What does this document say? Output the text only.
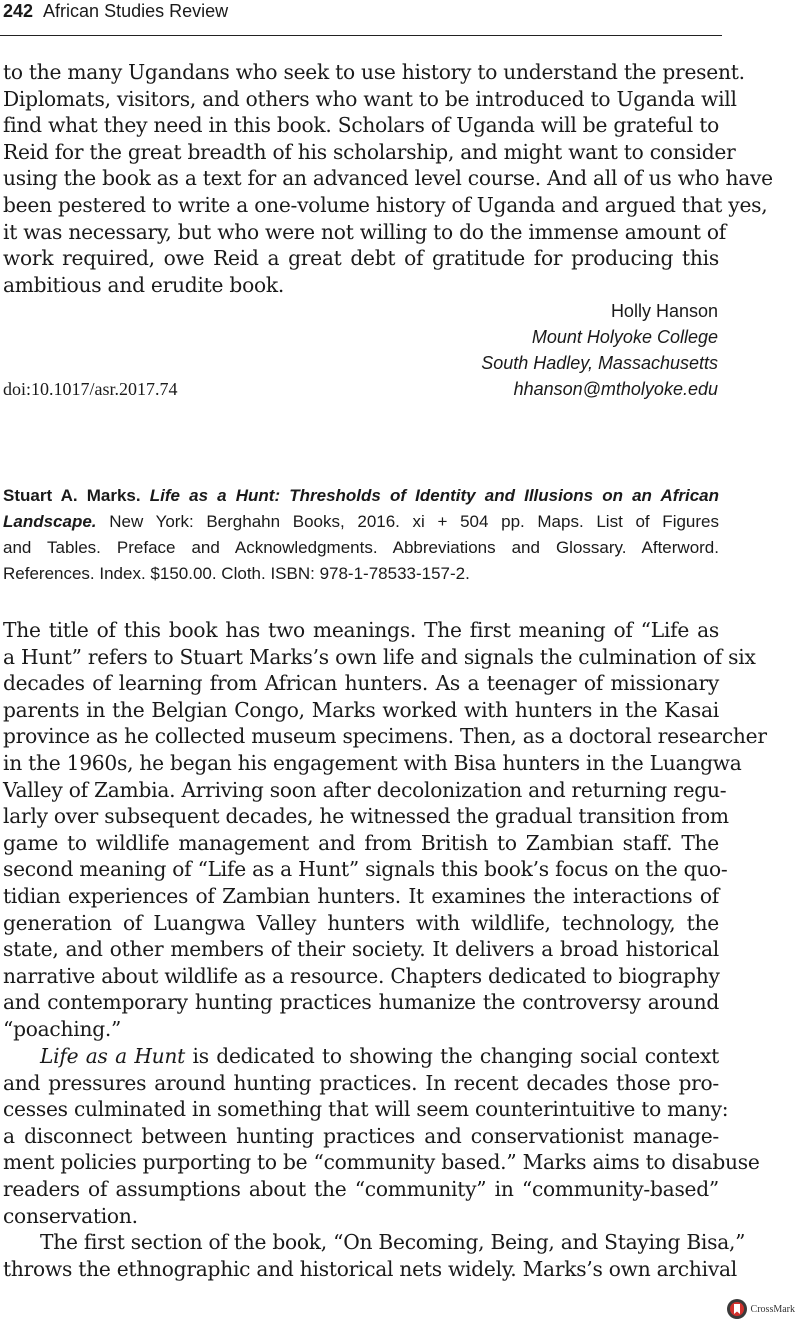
242 African Studies Review
to the many Ugandans who seek to use history to understand the present.
Diplomats, visitors, and others who want to be introduced to Uganda will
find what they need in this book. Scholars of Uganda will be grateful to
Reid for the great breadth of his scholarship, and might want to consider
using the book as a text for an advanced level course. And all of us who have
been pestered to write a one-volume history of Uganda and argued that yes,
it was necessary, but who were not willing to do the immense amount of
work required, owe Reid a great debt of gratitude for producing this
ambitious and erudite book.
Holly Hanson
Mount Holyoke College
South Hadley, Massachusetts
hhanson@mtholyoke.edu
doi:10.1017/asr.2017.74
Stuart A. Marks. Life as a Hunt: Thresholds of Identity and Illusions on an African
Landscape. New York: Berghahn Books, 2016. xi + 504 pp. Maps. List of Figures
and Tables. Preface and Acknowledgments. Abbreviations and Glossary. Afterword.
References. Index. $150.00. Cloth. ISBN: 978-1-78533-157-2.
The title of this book has two meanings. The first meaning of “Life as
a Hunt” refers to Stuart Marks’s own life and signals the culmination of six
decades of learning from African hunters. As a teenager of missionary
parents in the Belgian Congo, Marks worked with hunters in the Kasai
province as he collected museum specimens. Then, as a doctoral researcher
in the 1960s, he began his engagement with Bisa hunters in the Luangwa
Valley of Zambia. Arriving soon after decolonization and returning regu-
larly over subsequent decades, he witnessed the gradual transition from
game to wildlife management and from British to Zambian staff. The
second meaning of “Life as a Hunt” signals this book’s focus on the quo-
tidian experiences of Zambian hunters. It examines the interactions of
generation of Luangwa Valley hunters with wildlife, technology, the
state, and other members of their society. It delivers a broad historical
narrative about wildlife as a resource. Chapters dedicated to biography
and contemporary hunting practices humanize the controversy around
“poaching.”
Life as a Hunt is dedicated to showing the changing social context
and pressures around hunting practices. In recent decades those pro-
cesses culminated in something that will seem counterintuitive to many:
a disconnect between hunting practices and conservationist manage-
ment policies purporting to be “community based.” Marks aims to disabuse
readers of assumptions about the “community” in “community-based”
conservation.
The first section of the book, “On Becoming, Being, and Staying Bisa,”
throws the ethnographic and historical nets widely. Marks’s own archival
CrossMark
